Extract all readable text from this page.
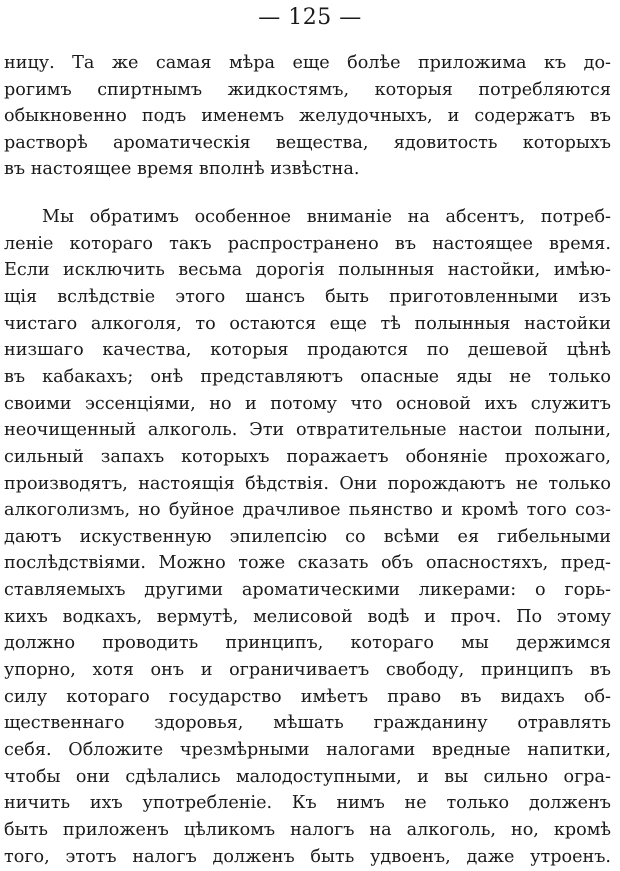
— 125 —
ницу. Та же самая мѣра еще болѣе приложима къ до-
рогимъ спиртнымъ жидкостямъ, которыя потребляются
обыкновенно подъ именемъ желудочныхъ, и содержатъ въ
растворѣ ароматическія вещества, ядовитость которыхъ
въ настоящее время вполнѣ извѣстна.
Мы обратимъ особенное вниманіе на абсентъ, потреб-
леніе котораго такъ распространено въ настоящее время.
Если исключить весьма дорогія полынныя настойки, имѣю-
щія вслѣдствіе этого шансъ быть приготовленными изъ
чистаго алкоголя, то остаются еще тѣ полынныя настойки
низшаго качества, которыя продаются по дешевой цѣнѣ
въ кабакахъ; онѣ представляютъ опасные яды не только
своими эссенціями, но и потому что основой ихъ служитъ
неочищенный алкоголь. Эти отвратительные настои полыни,
сильный запахъ которыхъ поражаетъ обоняніе прохожаго,
производятъ, настоящія бѣдствія. Они порождаютъ не только
алкоголизмъ, но буйное драчливое пьянство и кромѣ того соз-
даютъ искуственную эпилепсію со всѣми ея гибельными
послѣдствіями. Можно тоже сказать объ опасностяхъ, пред-
ставляемыхъ другими ароматическими ликерами: о горь-
кихъ водкахъ, вермутѣ, мелисовой водѣ и проч. По этому
должно проводить принципъ, котораго мы держимся
упорно, хотя онъ и ограничиваетъ свободу, принципъ въ
силу котораго государство имѣетъ право въ видахъ об-
щественнаго здоровья, мѣшать гражданину отравлять
себя. Обложите чрезмѣрными налогами вредные напитки,
чтобы они сдѣлались малодоступными, и вы сильно огра-
ничить ихъ употребленіе. Къ нимъ не только долженъ
быть приложенъ цѣликомъ налогъ на алкоголь, но, кромѣ
того, этотъ налогъ долженъ быть удвоенъ, даже утроенъ.
